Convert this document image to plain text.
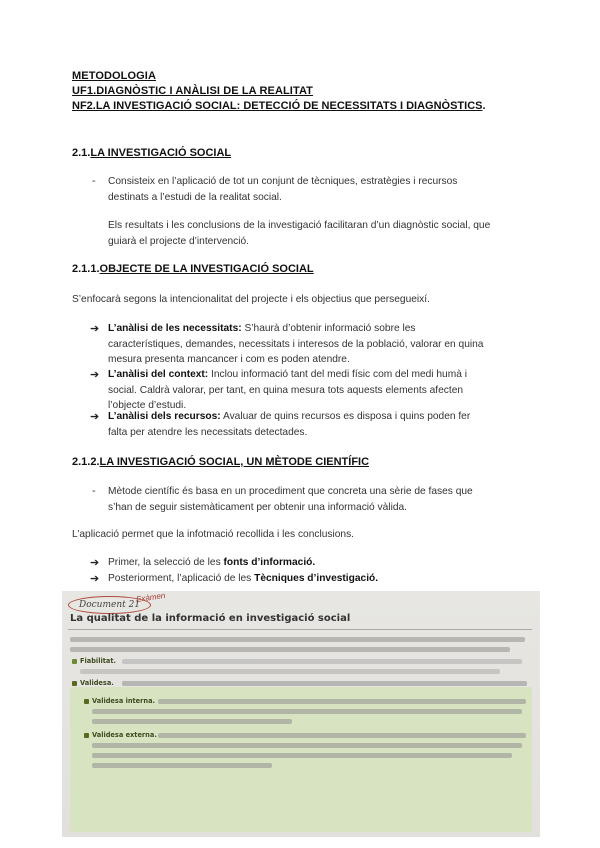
METODOLOGIA
UF1.DIAGNÒSTIC I ANÀLISI DE LA REALITAT
NF2.LA INVESTIGACIÓ SOCIAL: DETECCIÓ DE NECESSITATS I DIAGNÒSTICS.
2.1.LA INVESTIGACIÓ SOCIAL
- Consisteix en l’aplicació de tot un conjunt de tècniques, estratègies i recursos
destinats a l’estudi de la realitat social.
Els resultats i les conclusions de la investigació facilitaran d’un diagnòstic social, que
guiarà el projecte d’intervenció.
2.1.1.OBJECTE DE LA INVESTIGACIÓ SOCIAL
S’enfocarà segons la intencionalitat del projecte i els objectius que persegueixí.
➔ L’anàlisi de les necessitats: S’haurà d’obtenir informació sobre les
característiques, demandes, necessitats i interesos de la població, valorar en quina
mesura presenta mancancer i com es poden atendre.
➔ L’anàlisi del context: Inclou informació tant del medi físic com del medi humà i
social. Caldrà valorar, per tant, en quina mesura tots aquests elements afecten
l’objecte d’estudi.
➔ L’anàlisi dels recursos: Avaluar de quins recursos es disposa i quins poden fer
falta per atendre les necessitats detectades.
2.1.2.LA INVESTIGACIÓ SOCIAL, UN MÈTODE CIENTÍFIC
- Mètode científic és basa en un procediment que concreta una sèrie de fases que
s’han de seguir sistemàticament per obtenir una informació vàlida.
L’aplicació permet que la infotmació recollida i les conclusions.
➔ Primer, la selecció de les fonts d’informació.
➔ Posteriorment, l’aplicació de les Tècniques d’investigació.
Document 21
Exàmen
La qualitat de la informació en investigació social
Fiabilitat.
Validesa.
Validesa interna.
Validesa externa.
